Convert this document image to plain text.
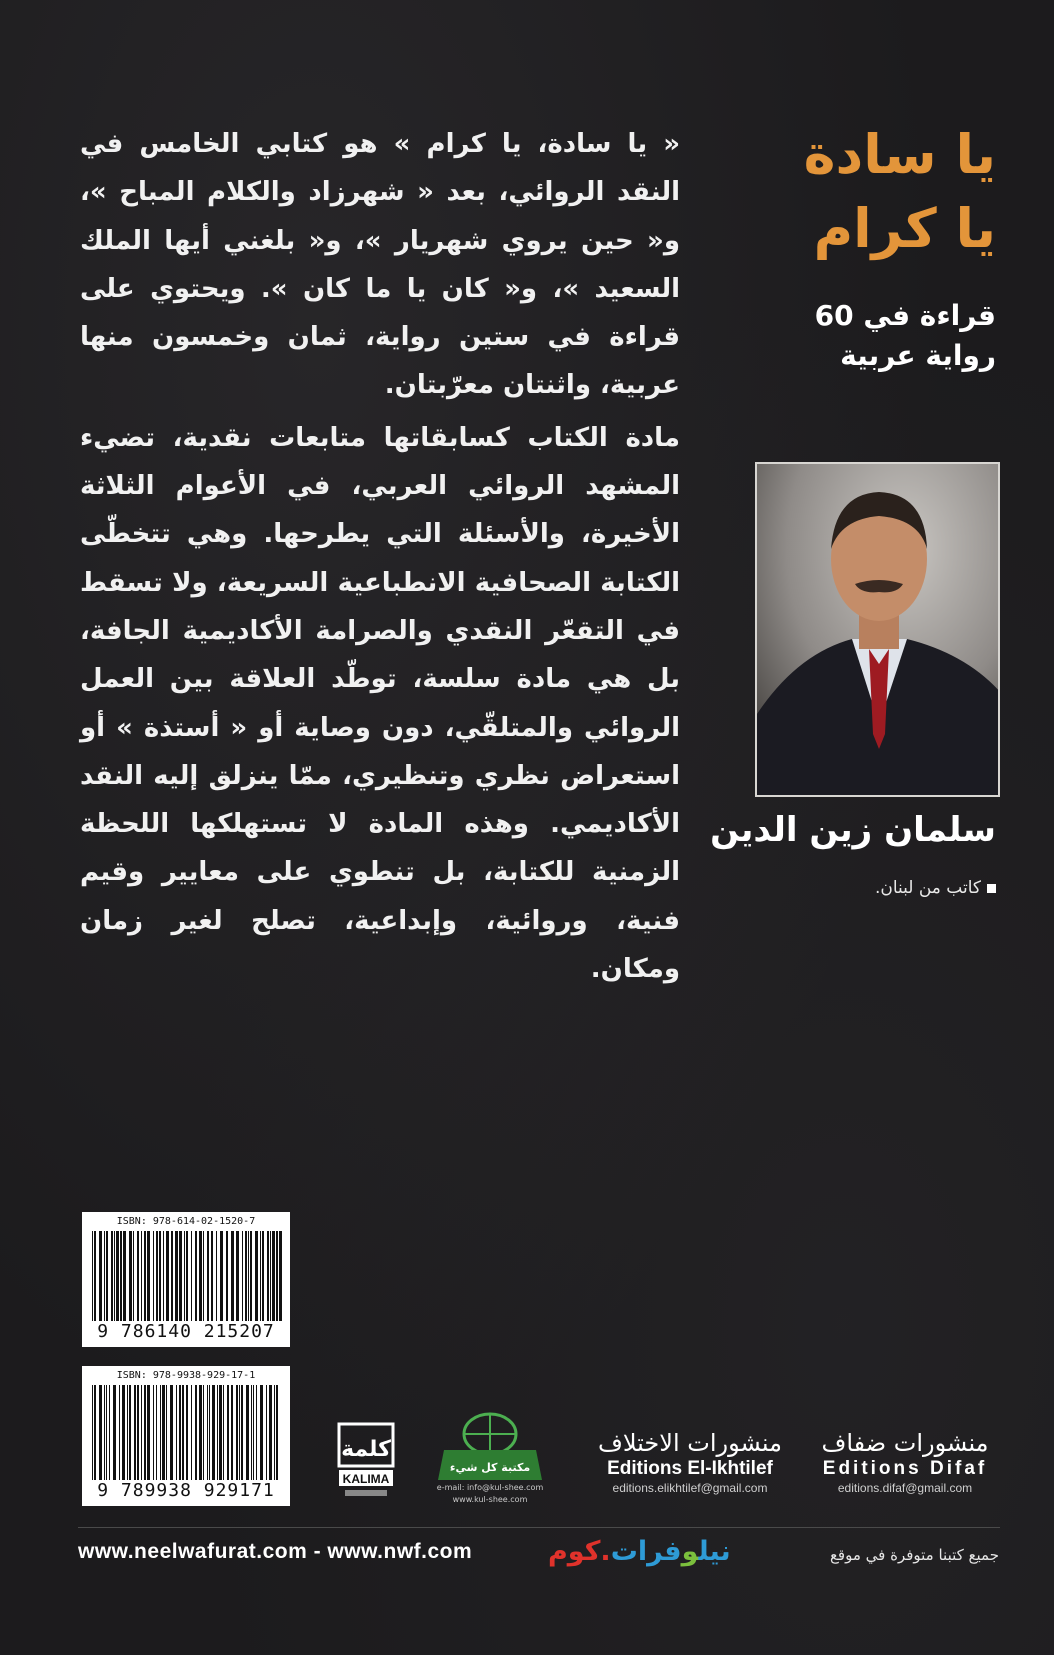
يا سادة
يا كرام
قراءة في 60
رواية عربية

« يا سادة، يا كرام » هو كتابي الخامس في النقد الروائي، بعد « شهرزاد والكلام المباح »، و« حين يروي شهريار »، و« بلغني أيها الملك السعيد »، و« كان يا ما كان ». ويحتوي على قراءة في ستين رواية، ثمان وخمسون منها عربية، واثنتان معرّبتان.

مادة الكتاب كسابقاتها متابعات نقدية، تضيء المشهد الروائي العربي، في الأعوام الثلاثة الأخيرة، والأسئلة التي يطرحها. وهي تتخطّى الكتابة الصحافية الانطباعية السريعة، ولا تسقط في التقعّر النقدي والصرامة الأكاديمية الجافة، بل هي مادة سلسة، توطّد العلاقة بين العمل الروائي والمتلقّي، دون وصاية أو « أستذة » أو استعراض نظري وتنظيري، ممّا ينزلق إليه النقد الأكاديمي. وهذه المادة لا تستهلكها اللحظة الزمنية للكتابة، بل تنطوي على معايير وقيم فنية، وروائية، وإبداعية، تصلح لغير زمان ومكان.

سلمان زين الدين
كاتب من لبنان.
ISBN: 978-614-02-1520-7
9 786140 215207
ISBN: 978-9938-929-17-1
9 789938 929171
كلمة
KALIMA
مكتبة كل شيء
e-mail: info@kul-shee.com
www.kul-shee.com
منشورات الاختلاف
Editions El-Ikhtilef
editions.elikhtilef@gmail.com
منشورات ضفاف
Editions Difaf
editions.difaf@gmail.com
www.neelwafurat.com - www.nwf.com	نيلوفرات.كوم	جميع كتبنا متوفرة في موقع
